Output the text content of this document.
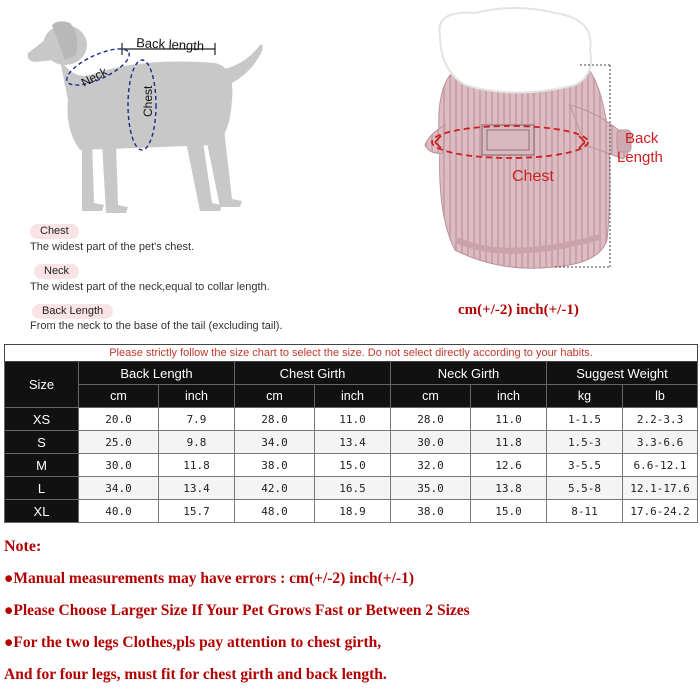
Back length
Neck
Chest
Chest
The widest part of the pet's chest.
Neck
The widest part of the neck,equal to collar length.
Back Length
From the neck to the base of the tail (excluding tail).
Chest
Back
Length
cm(+/-2) inch(+/-1)
Please strictly follow the size chart to select the size. Do not select directly according to your habits.								
Size	Back Length		Chest Girth		Neck Girth		Suggest Weight	
	cm	inch	cm	inch	cm	inch	kg	lb
XS	20.0	7.9	28.0	11.0	28.0	11.0	1-1.5	2.2-3.3
S	25.0	9.8	34.0	13.4	30.0	11.8	1.5-3	3.3-6.6
M	30.0	11.8	38.0	15.0	32.0	12.6	3-5.5	6.6-12.1
L	34.0	13.4	42.0	16.5	35.0	13.8	5.5-8	12.1-17.6
XL	40.0	15.7	48.0	18.9	38.0	15.0	8-11	17.6-24.2
Note:
●Manual measurements may have errors : cm(+/-2) inch(+/-1)
●Please Choose Larger Size If Your Pet Grows Fast or Between 2 Sizes
●For the two legs Clothes,pls pay attention to chest girth,
And for four legs, must fit for chest girth and back length.
